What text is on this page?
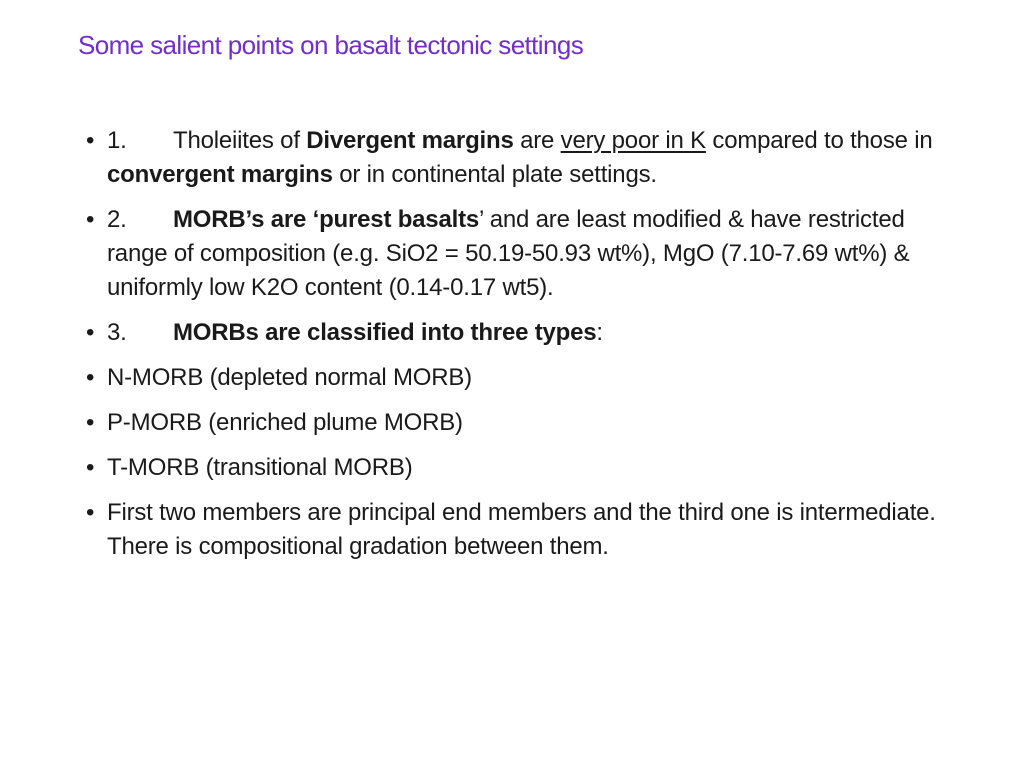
Some salient points on basalt tectonic settings
• 1. Tholeiites of Divergent margins are very poor in K compared to those in convergent margins or in continental plate settings.
• 2. MORB’s are ‘purest basalts’ and are least modified & have restricted range of composition (e.g. SiO2 = 50.19-50.93 wt%), MgO (7.10-7.69 wt%) & uniformly low K2O content (0.14-0.17 wt5).
• 3. MORBs are classified into three types:
• N-MORB (depleted normal MORB)
• P-MORB (enriched plume MORB)
• T-MORB (transitional MORB)
• First two members are principal end members and the third one is intermediate. There is compositional gradation between them.
